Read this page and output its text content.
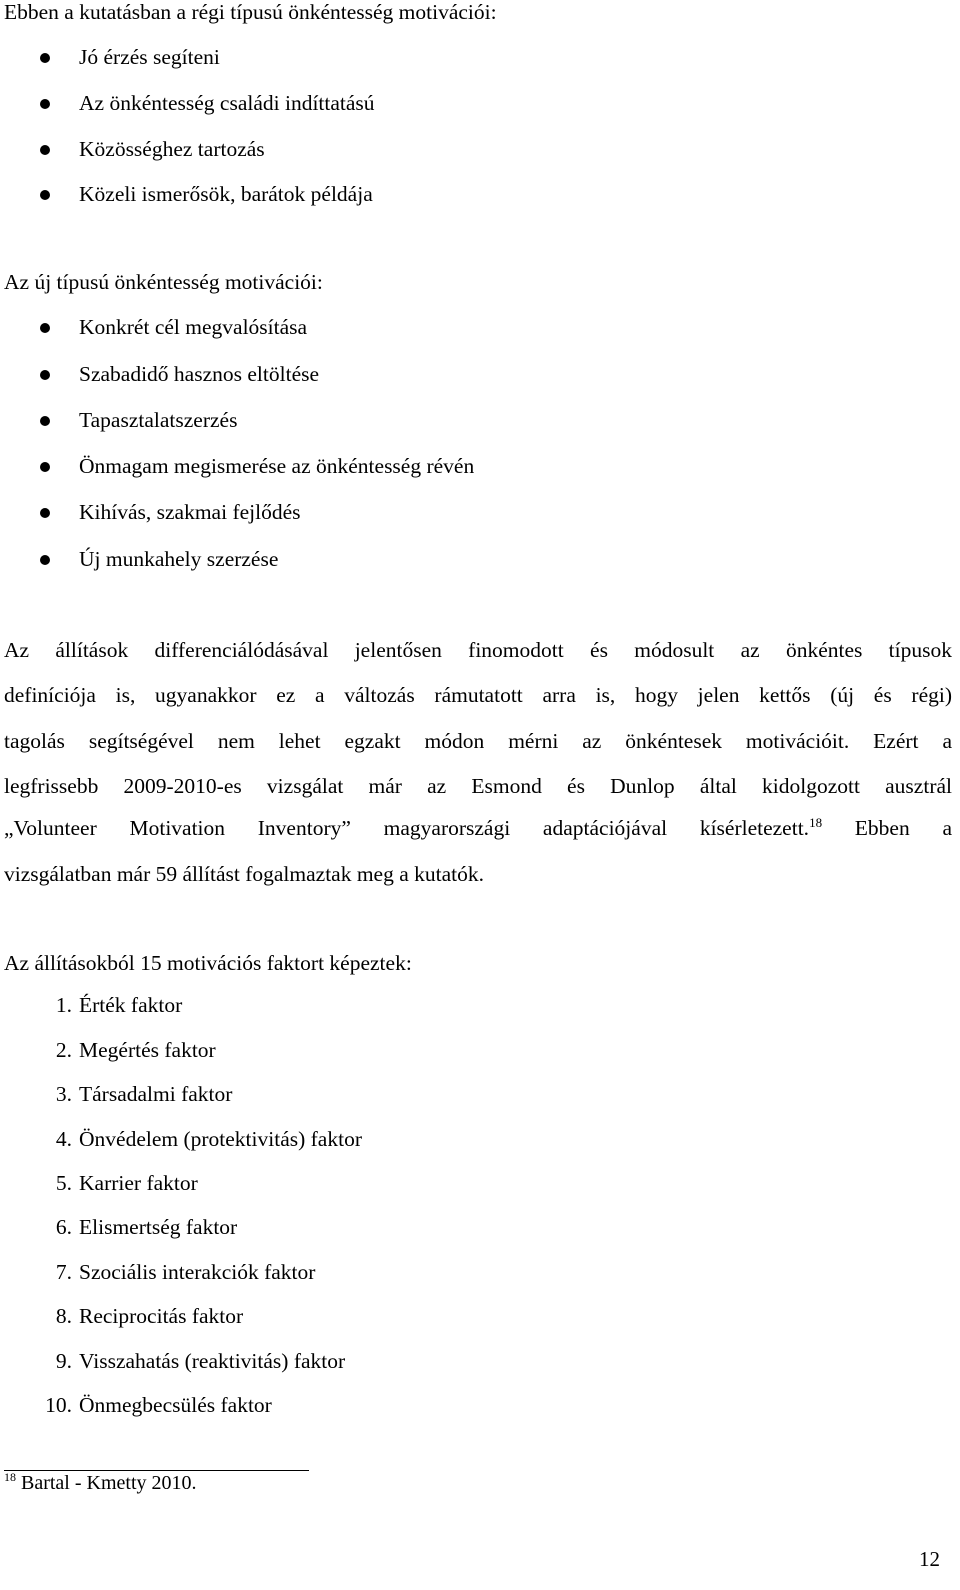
Ebben a kutatásban a régi típusú önkéntesség motivációi:
Jó érzés segíteni
Az önkéntesség családi indíttatású
Közösséghez tartozás
Közeli ismerősök, barátok példája
Az új típusú önkéntesség motivációi:
Konkrét cél megvalósítása
Szabadidő hasznos eltöltése
Tapasztalatszerzés
Önmagam megismerése az önkéntesség révén
Kihívás, szakmai fejlődés
Új munkahely szerzése
Az állítások differenciálódásával jelentősen finomodott és módosult az önkéntes típusok
definíciója is, ugyanakkor ez a változás rámutatott arra is, hogy jelen kettős (új és régi)
tagolás segítségével nem lehet egzakt módon mérni az önkéntesek motivációit. Ezért a
legfrissebb 2009-2010-es vizsgálat már az Esmond és Dunlop által kidolgozott ausztrál
„Volunteer Motivation Inventory” magyarországi adaptációjával kísérletezett.$^{18}$ Ebben a
vizsgálatban már 59 állítást fogalmaztak meg a kutatók.
Az állításokból 15 motivációs faktort képeztek:
1. Érték faktor
2. Megértés faktor
3. Társadalmi faktor
4. Önvédelem (protektivitás) faktor
5. Karrier faktor
6. Elismertség faktor
7. Szociális interakciók faktor
8. Reciprocitás faktor
9. Visszahatás (reaktivitás) faktor
10. Önmegbecsülés faktor
$^{18}$ Bartal - Kmetty 2010.
12
